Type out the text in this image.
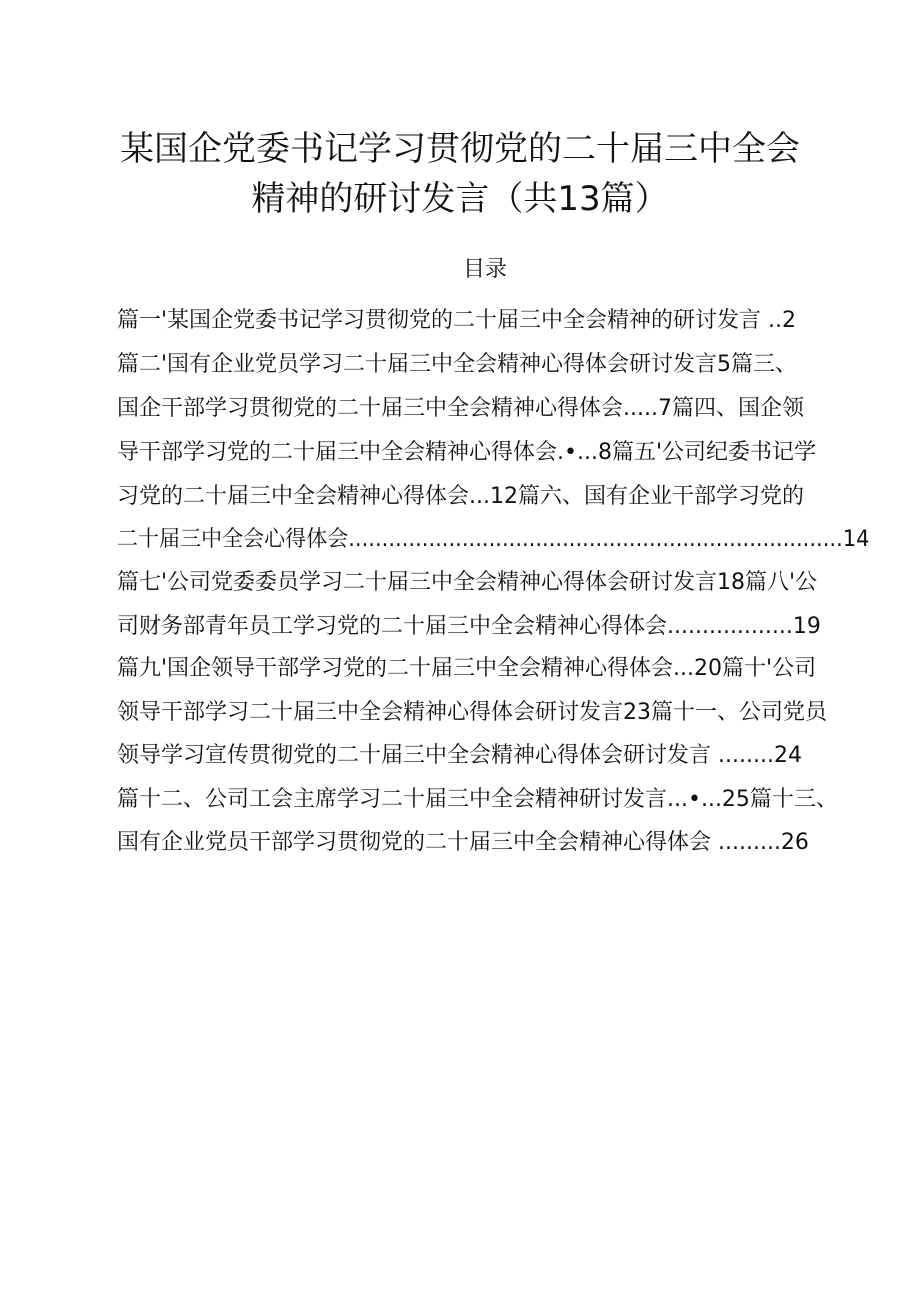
某国企党委书记学习贯彻党的二十届三中全会
精神的研讨发言（共13篇）
目录
篇一'某国企党委书记学习贯彻党的二十届三中全会精神的研讨发言 ..2
篇二'国有企业党员学习二十届三中全会精神心得体会研讨发言5篇三、
国企干部学习贯彻党的二十届三中全会精神心得体会.....7篇四、国企领
导干部学习党的二十届三中全会精神心得体会.•...8篇五'公司纪委书记学
习党的二十届三中全会精神心得体会...12篇六、国有企业干部学习党的
二十届三中全会心得体会..........................................................................14
篇七'公司党委委员学习二十届三中全会精神心得体会研讨发言18篇八'公
司财务部青年员工学习党的二十届三中全会精神心得体会..................19
篇九'国企领导干部学习党的二十届三中全会精神心得体会...20篇十'公司
领导干部学习二十届三中全会精神心得体会研讨发言23篇十一、公司党员
领导学习宣传贯彻党的二十届三中全会精神心得体会研讨发言 ........24
篇十二、公司工会主席学习二十届三中全会精神研讨发言...•...25篇十三、
国有企业党员干部学习贯彻党的二十届三中全会精神心得体会 .........26
